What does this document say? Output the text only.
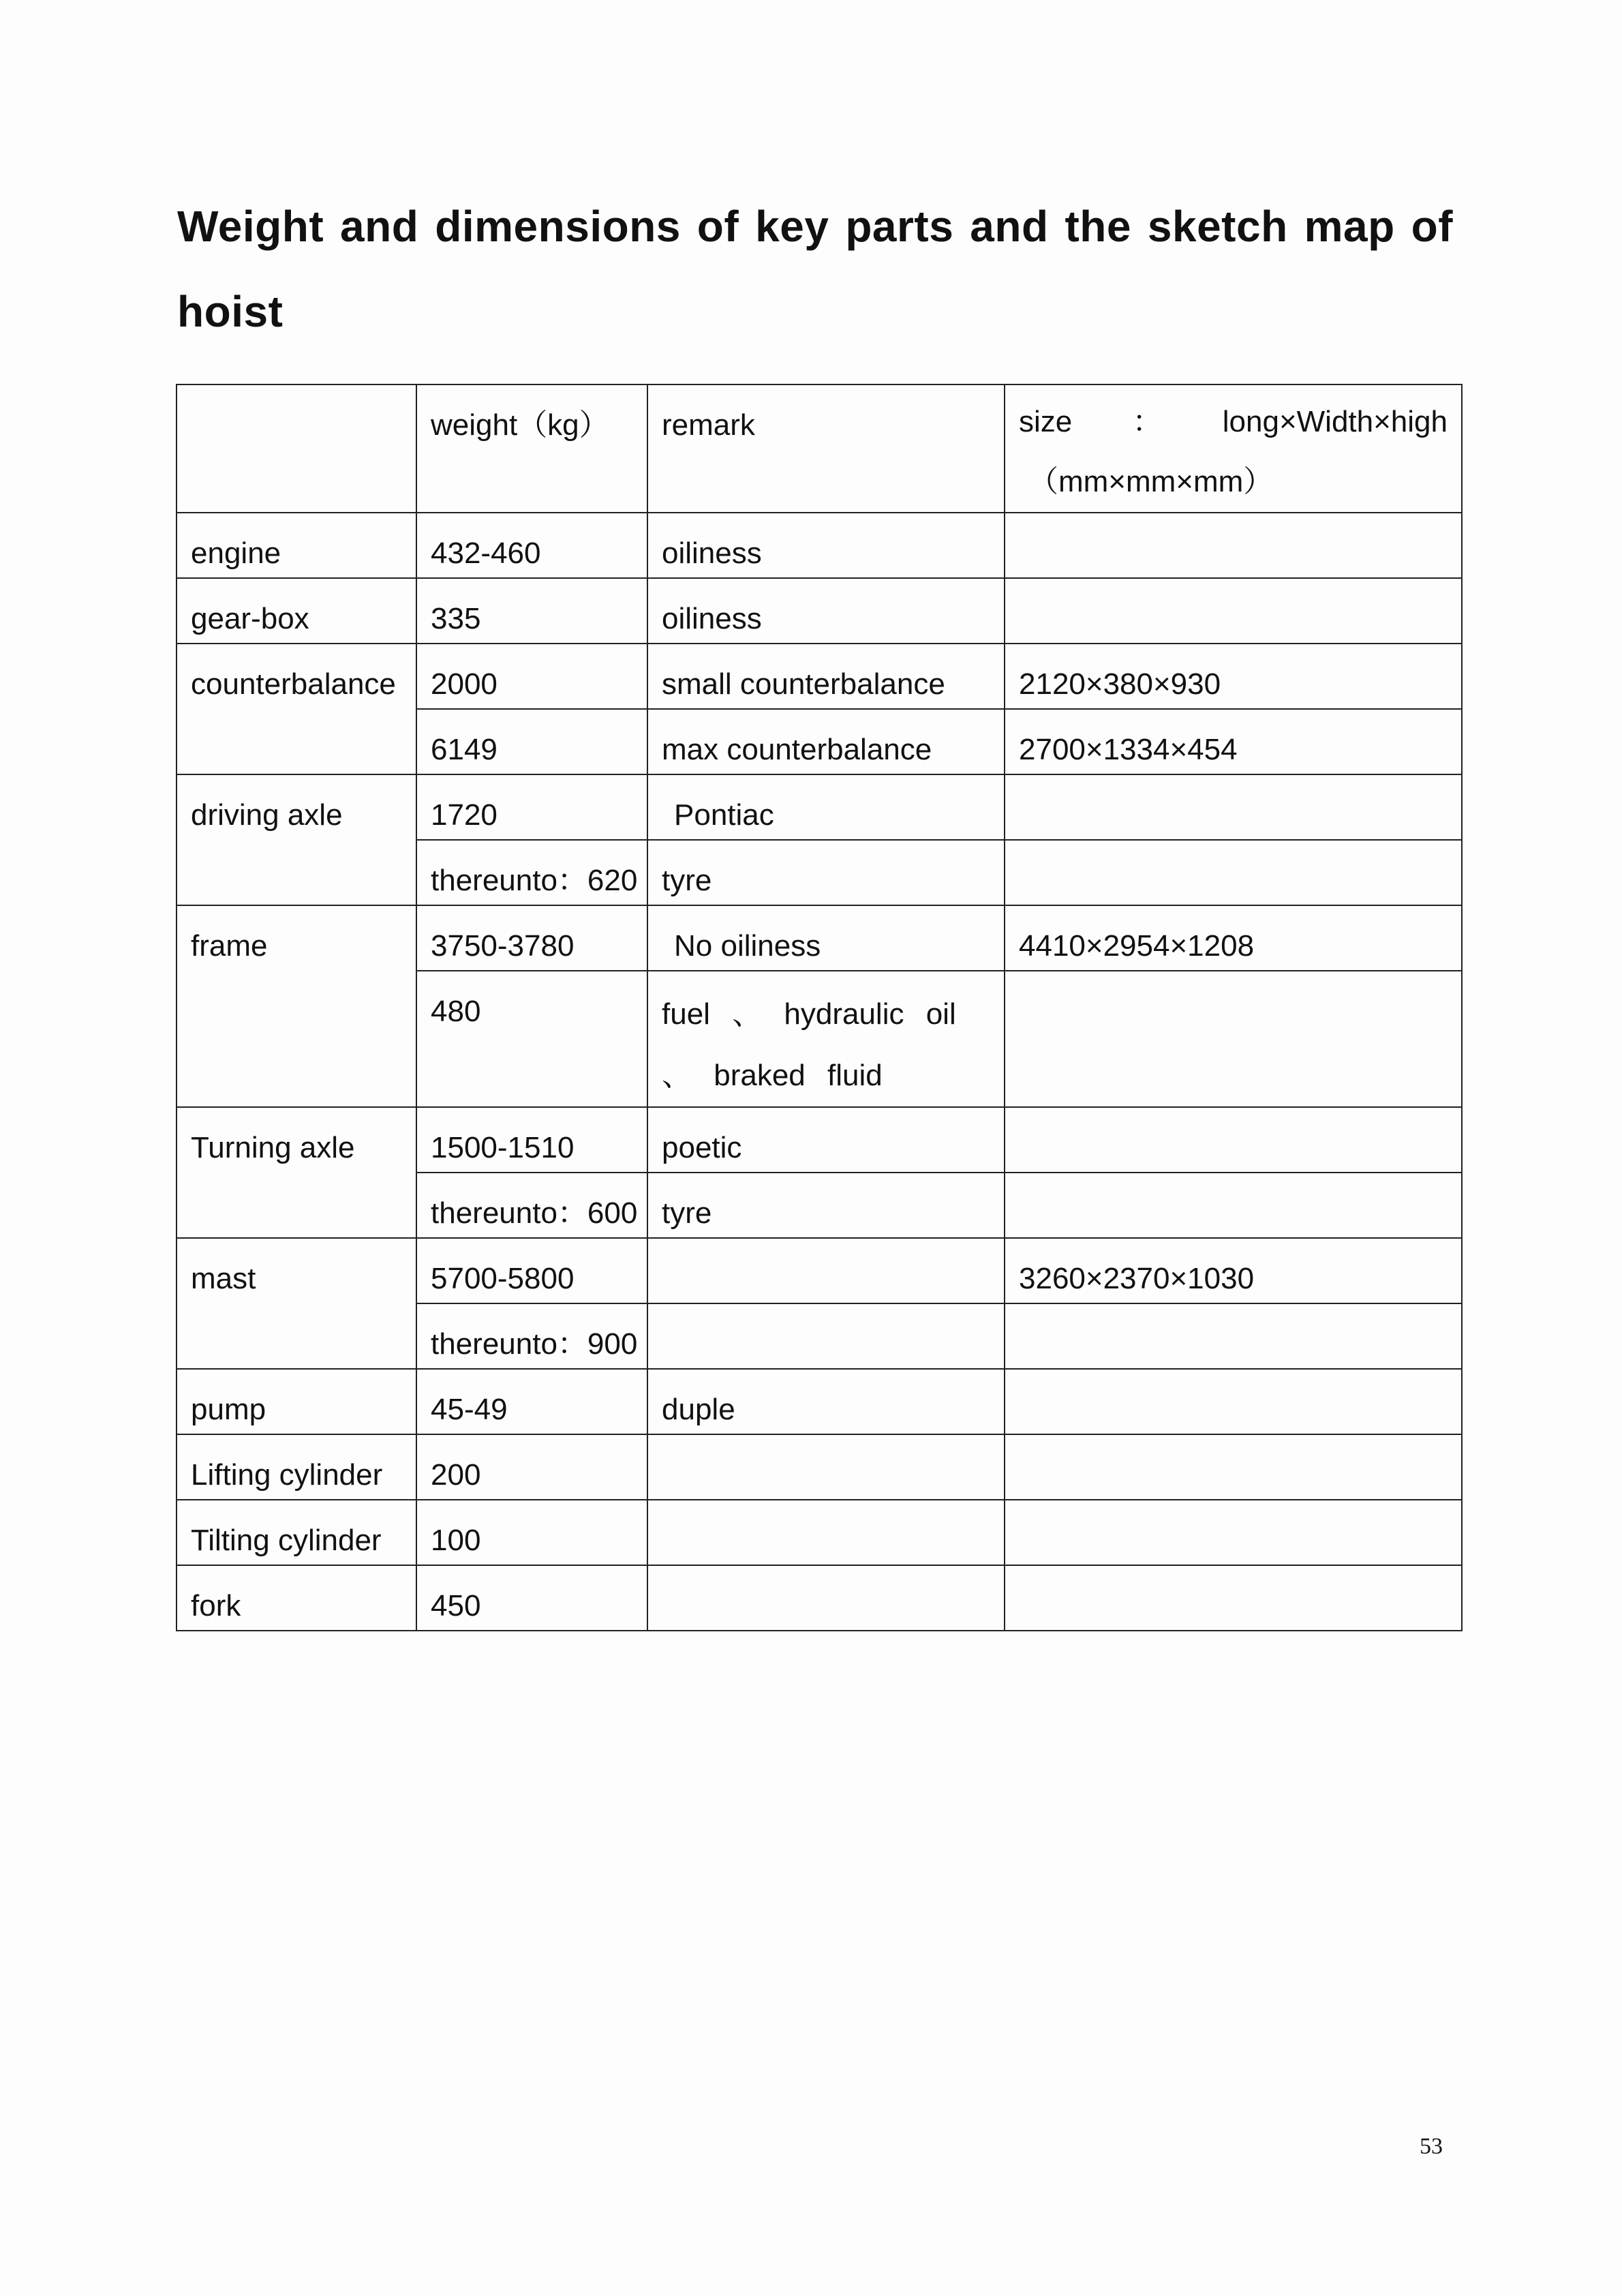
Weight and dimensions of key parts and the sketch map of hoist
	weight（kg）	remark	size ： long×Width×high
（mm×mm×mm）

engine	432-460	oiliness	
gear-box	335	oiliness	
counterbalance	2000	small counterbalance	2120×380×930
	6149	max counterbalance	2700×1334×454
driving axle	1720	Pontiac	
	thereunto：620	tyre	
frame	3750-3780	No oiliness	4410×2954×1208
	480	fuel 、 hydraulic oil 、 braked fluid	
Turning axle	1500-1510	poetic	
	thereunto：600	tyre	
mast	5700-5800		3260×2370×1030
	thereunto：900		
pump	45-49	duple	
Lifting cylinder	200		
Tilting cylinder	100		
fork	450		
53
